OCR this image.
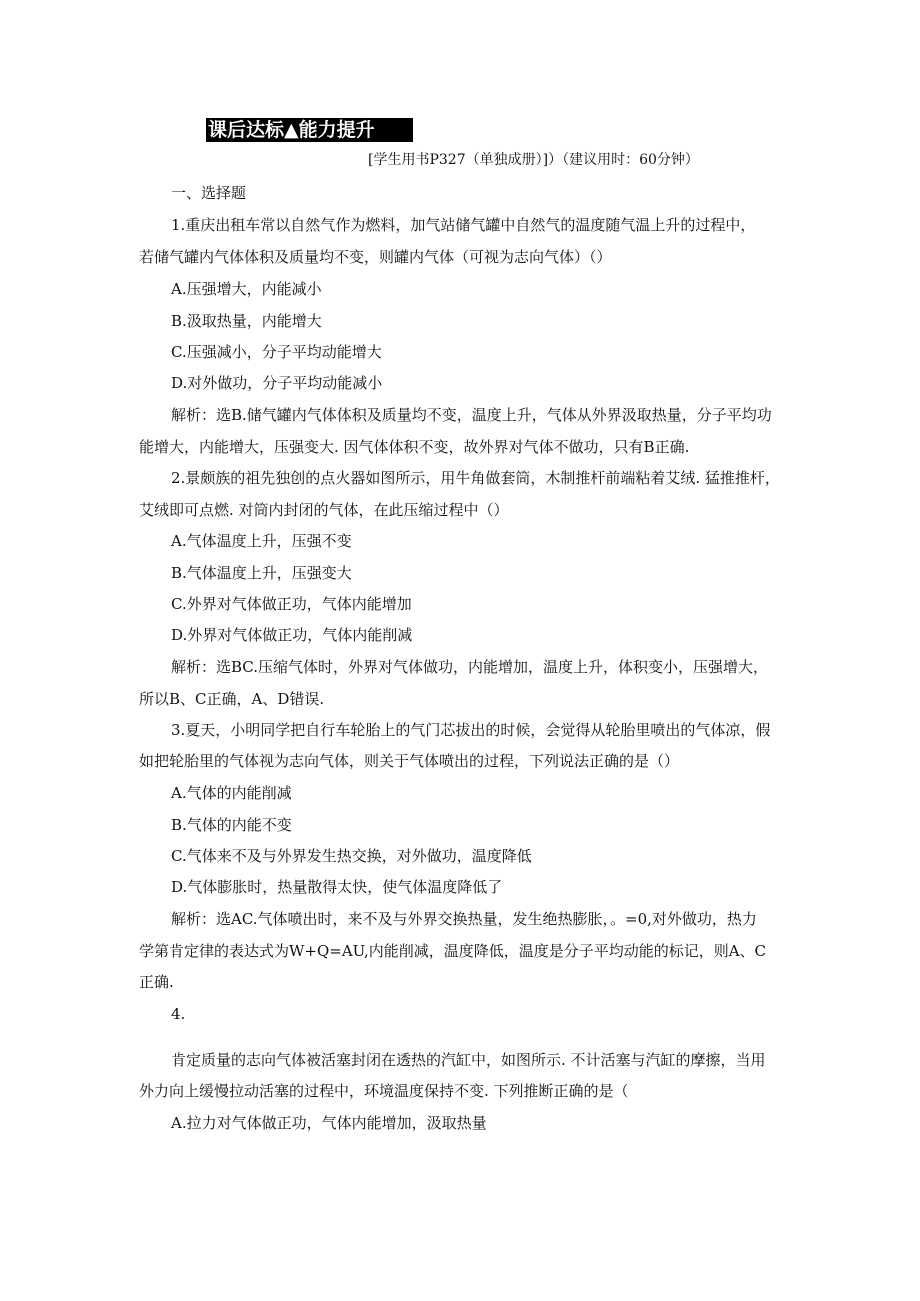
课后达标▲能力提升
[学生用书P327（单独成册）]）（建议用时：60分钟）
一、选择题
1.重庆出租车常以自然气作为燃料，加气站储气罐中自然气的温度随气温上升的过程中，
若储气罐内气体体积及质量均不变，则罐内气体（可视为志向气体）（）
A.压强增大，内能减小
B.汲取热量，内能增大
C.压强减小，分子平均动能增大
D.对外做功，分子平均动能减小
解析：选B.储气罐内气体体积及质量均不变，温度上升，气体从外界汲取热量，分子平均功
能增大，内能增大，压强变大. 因气体体积不变，故外界对气体不做功，只有B正确.
2.景颇族的祖先独创的点火器如图所示，用牛角做套筒，木制推杆前端粘着艾绒. 猛推推杆，
艾绒即可点燃. 对筒内封闭的气体，在此压缩过程中（）
A.气体温度上升，压强不变
B.气体温度上升，压强变大
C.外界对气体做正功，气体内能增加
D.外界对气体做正功，气体内能削减
解析：选BC.压缩气体时，外界对气体做功，内能增加，温度上升，体积变小，压强增大，
所以B、C正确，A、D错误.
3.夏天，小明同学把自行车轮胎上的气门芯拔出的时候，会觉得从轮胎里喷出的气体凉，假
如把轮胎里的气体视为志向气体，则关于气体喷出的过程，下列说法正确的是（）
A.气体的内能削减
B.气体的内能不变
C.气体来不及与外界发生热交换，对外做功，温度降低
D.气体膨胀时，热量散得太快，使气体温度降低了
解析：选AC.气体喷出时，来不及与外界交换热量，发生绝热膨胀，。=0,对外做功，热力
学第肯定律的表达式为W+Q=AU,内能削减，温度降低，温度是分子平均动能的标记，则A、C
正确.
4.
肯定质量的志向气体被活塞封闭在透热的汽缸中，如图所示. 不计活塞与汽缸的摩擦，当用
外力向上缓慢拉动活塞的过程中，环境温度保持不变. 下列推断正确的是（
A.拉力对气体做正功，气体内能增加，汲取热量
